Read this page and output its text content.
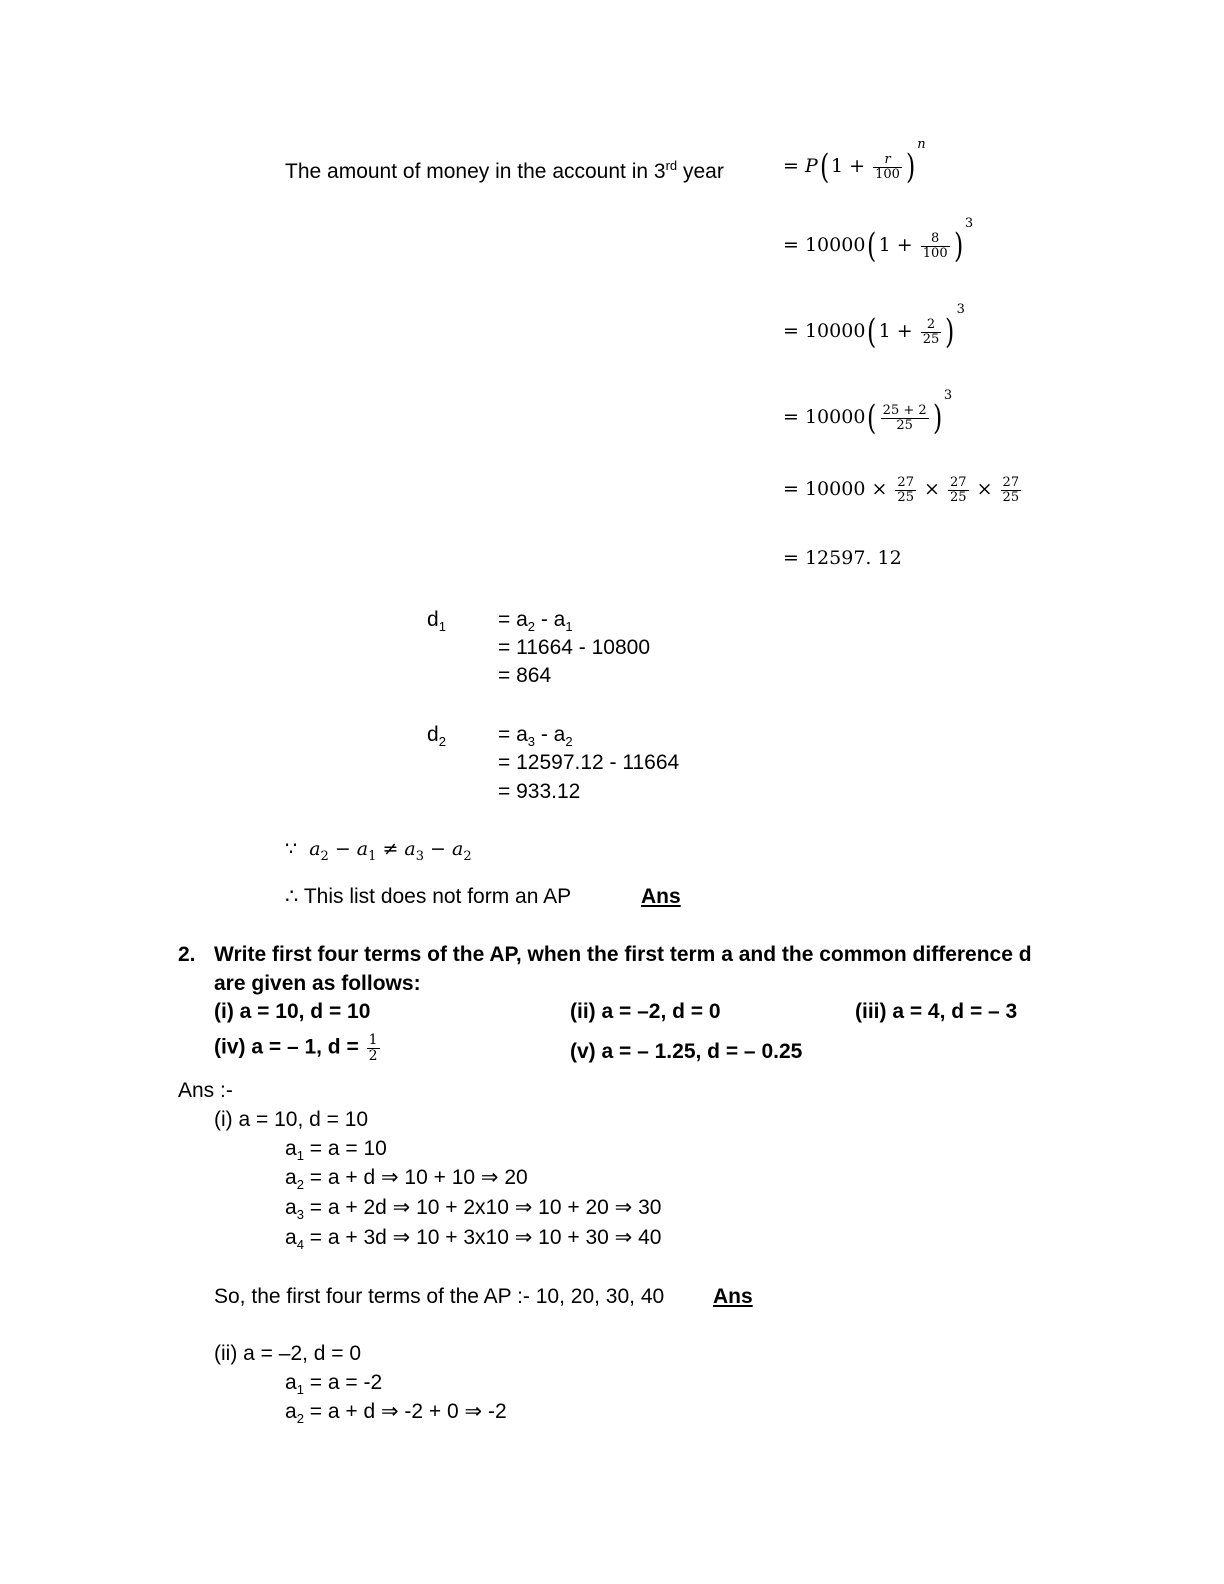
The amount of money in the account in 3rd year	= P( $1 + \frac{r}{100} )^n$
= 10000( $1 + \frac{8}{100} )^3$
= 10000( $1 + \frac{2}{25} )^3$
= $10000( \frac{25 + 2}{25} )^3$
= $10000 \times \frac{27}{25} \times \frac{27}{25} \times \frac{27}{25}$
= 12597. 12
$d_1 = a_2 - a_1$
= 11664 - 10800
= 864
$d_2 = a_3 - a_2$
= 12597.12 - 11664
= 933.12
∵ $a_2 - a_1 \ne a_3 - a_2$
∴ This list does not form an AP	Ans
2. Write first four terms of the AP, when the first term a and the common difference d
are given as follows:
(i) a = 10, d = 10	(ii) a = –2, d = 0	(iii) a = 4, d = – 3
(iv) a = – 1, $d = \frac{1}{2}$	(v) a = – 1.25, d = – 0.25
Ans :-
(i) a = 10, d = 10
$a_1 = a = 10$
$a_2 = a + d$ ⇒ 10 + 10 ⇒ 20
$a_3 = a + 2d$ ⇒ 10 + 2x10 ⇒ 10 + 20 ⇒ 30
$a_4 = a + 3d$ ⇒ 10 + 3x10 ⇒ 10 + 30 ⇒ 40
So, the first four terms of the AP :- 10, 20, 30, 40 Ans
(ii) a = –2, d = 0
$a_1 = a = -2$
$a_2 = a + d$ ⇒ -2 + 0 ⇒ -2
